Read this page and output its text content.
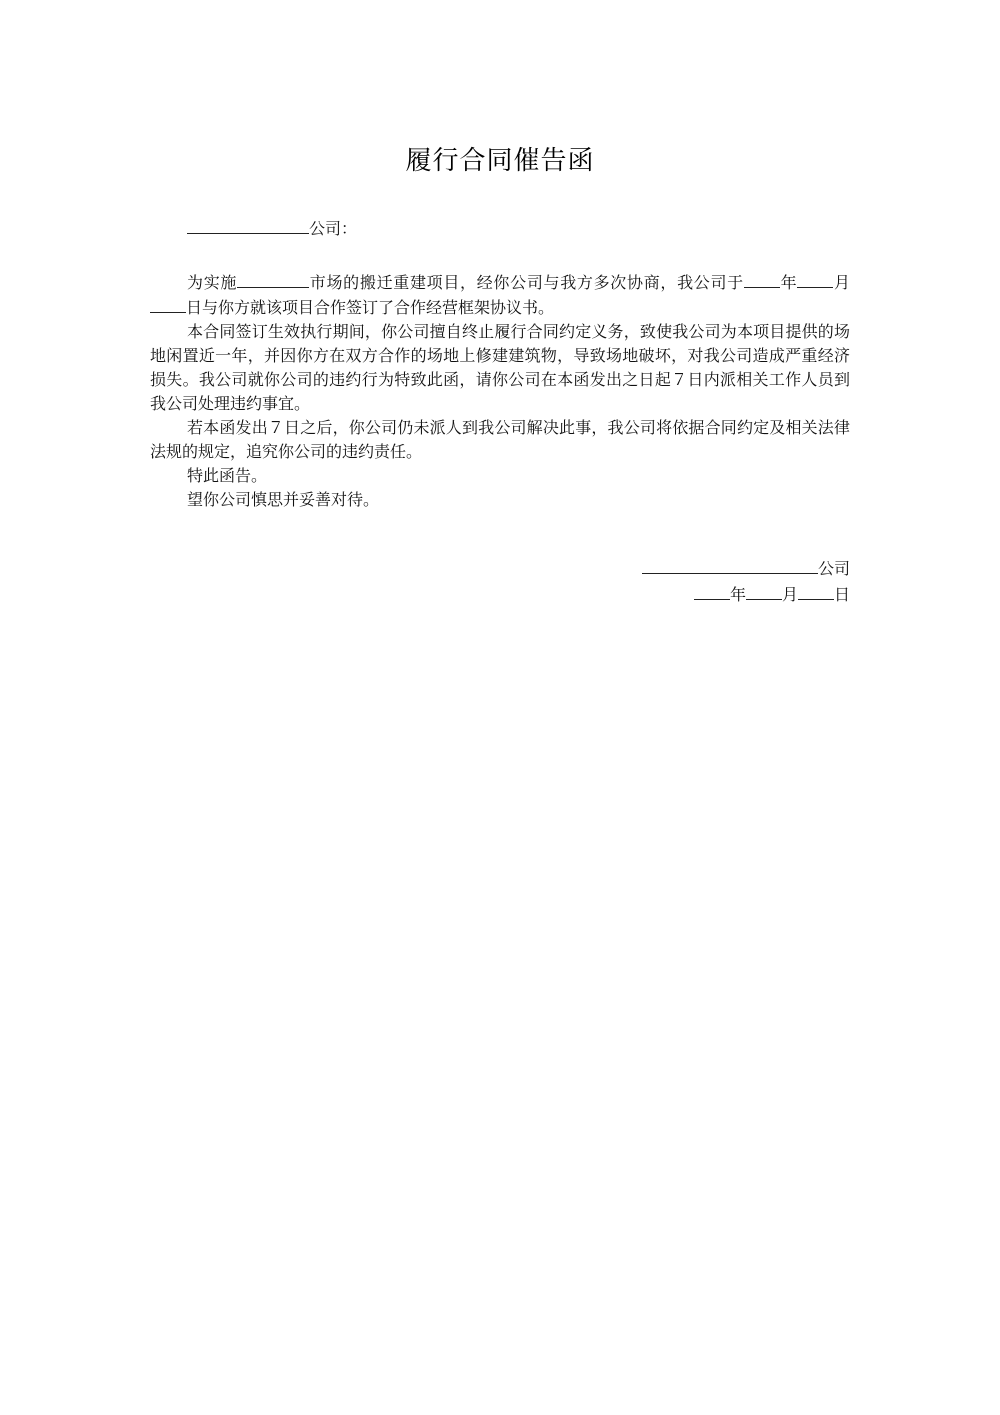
履行合同催告函
公司：

为实施	市场的搬迁重建项目，经你公司与我方多次协商，我公司于 年 月日与你方就该项目合作签订了合作经营框架协议书。

本合同签订生效执行期间，你公司擅自终止履行合同约定义务，致使我公司为本项目提供的场地闲置近一年，并因你方在双方合作的场地上修建建筑物，导致场地破坏，对我公司造成严重经济损失。我公司就你公司的违约行为特致此函，请你公司在本函发出之日起７日内派相关工作人员到我公司处理违约事宜。

若本函发出７日之后，你公司仍未派人到我公司解决此事，我公司将依据合同约定及相关法律法规的规定，追究你公司的违约责任。

特此函告。

望你公司慎思并妥善对待。

公司
年 月 日
